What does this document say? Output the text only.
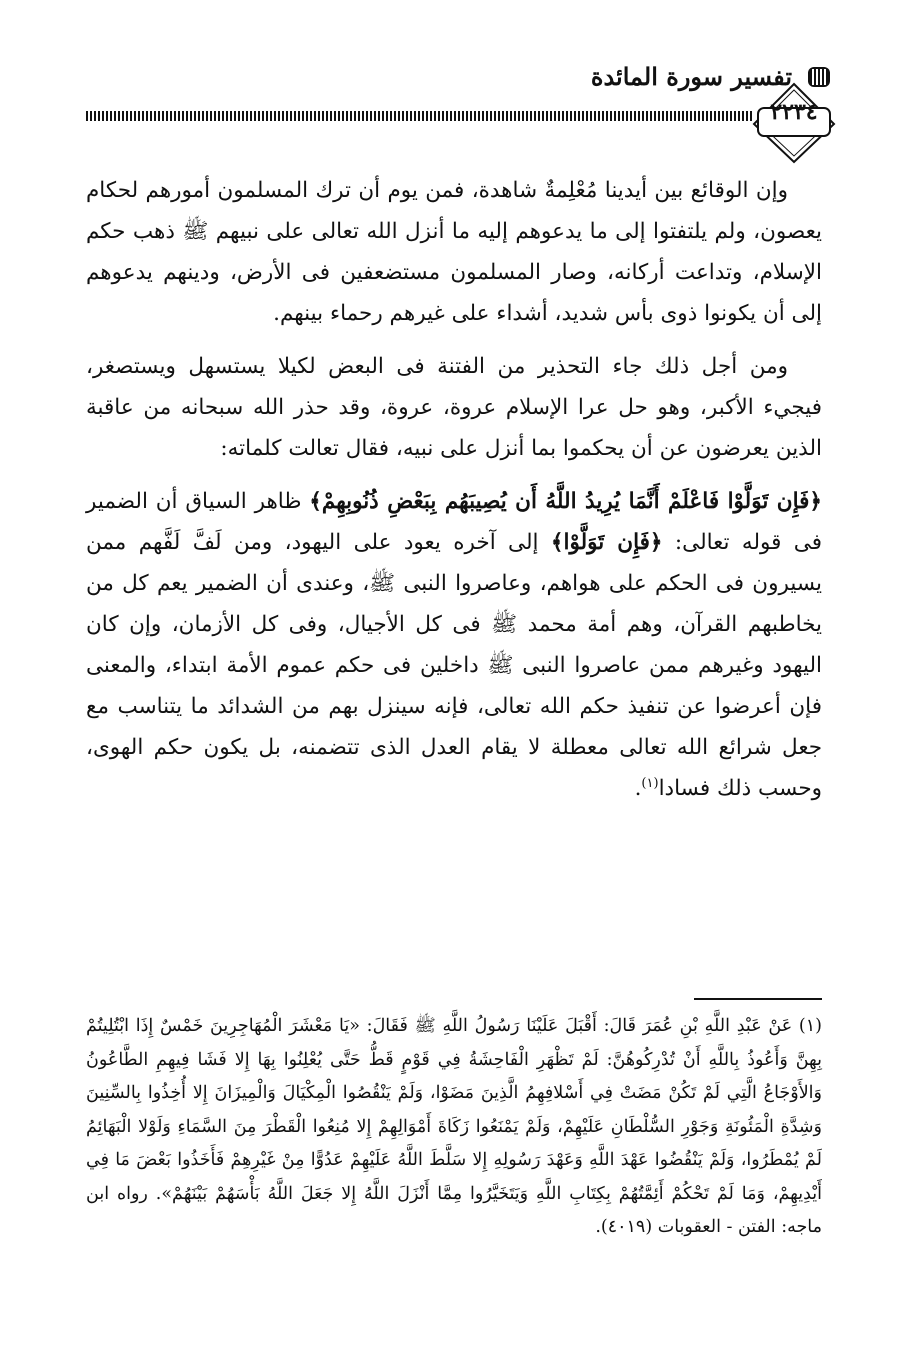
تفسير سورة المائدة
٢٢٣٤

وإن الوقائع بين أيدينا مُعْلِمةٌ شاهدة، فمن يوم أن ترك المسلمون أمورهم لحكام يعصون، ولم يلتفتوا إلى ما يدعوهم إليه ما أنزل الله تعالى على نبيهم ﷺ ذهب حكم الإسلام، وتداعت أركانه، وصار المسلمون مستضعفين فى الأرض، ودينهم يدعوهم إلى أن يكونوا ذوى بأس شديد، أشداء على غيرهم رحماء بينهم.

ومن أجل ذلك جاء التحذير من الفتنة فى البعض لكيلا يستسهل ويستصغر، فيجيء الأكبر، وهو حل عرا الإسلام عروة، عروة، وقد حذر الله سبحانه من عاقبة الذين يعرضون عن أن يحكموا بما أنزل على نبيه، فقال تعالت كلماته:

﴿فَإِن تَوَلَّوْا فَاعْلَمْ أَنَّمَا يُرِيدُ اللَّهُ أَن يُصِيبَهُم بِبَعْضِ ذُنُوبِهِمْ﴾ ظاهر السياق أن الضمير فى قوله تعالى: ﴿فَإِن تَوَلَّوْا﴾ إلى آخره يعود على اليهود، ومن لَفَّ لَفَّهم ممن يسيرون فى الحكم على هواهم، وعاصروا النبى ﷺ، وعندى أن الضمير يعم كل من يخاطبهم القرآن، وهم أمة محمد ﷺ فى كل الأجيال، وفى كل الأزمان، وإن كان اليهود وغيرهم ممن عاصروا النبى ﷺ داخلين فى حكم عموم الأمة ابتداء، والمعنى فإن أعرضوا عن تنفيذ حكم الله تعالى، فإنه سينزل بهم من الشدائد ما يتناسب مع جعل شرائع الله تعالى معطلة لا يقام العدل الذى تتضمنه، بل يكون حكم الهوى، وحسب ذلك فسادا$^{(١)}$.

(١) عَنْ عَبْدِ اللَّهِ بْنِ عُمَرَ قَالَ: أَقْبَلَ عَلَيْنَا رَسُولُ اللَّهِ ﷺ فَقَالَ: «يَا مَعْشَرَ الْمُهَاجِرِينَ خَمْسٌ إِذَا ابْتُلِيتُمْ بِهِنَّ وَأَعُوذُ بِاللَّهِ أَنْ تُدْرِكُوهُنَّ: لَمْ تَظْهَرِ الْفَاحِشَةُ فِي قَوْمٍ قَطُّ حَتَّى يُعْلِنُوا بِهَا إِلا فَشَا فِيهِمِ الطَّاعُونُ وَالأَوْجَاعُ الَّتِي لَمْ تَكُنْ مَضَتْ فِي أَسْلافِهِمُ الَّذِينَ مَضَوْا، وَلَمْ يَنْقُصُوا الْمِكْيَالَ وَالْمِيزَانَ إِلا أُخِذُوا بِالسِّنِينَ وَشِدَّةِ الْمَئُونَةِ وَجَوْرِ السُّلْطَانِ عَلَيْهِمْ، وَلَمْ يَمْنَعُوا زَكَاةَ أَمْوَالِهِمْ إِلا مُنِعُوا الْقَطْرَ مِنَ السَّمَاءِ وَلَوْلا الْبَهَائِمُ لَمْ يُمْطَرُوا، وَلَمْ يَنْقُضُوا عَهْدَ اللَّهِ وَعَهْدَ رَسُولِهِ إِلا سَلَّطَ اللَّهُ عَلَيْهِمْ عَدُوًّا مِنْ غَيْرِهِمْ فَأَخَذُوا بَعْضَ مَا فِي أَيْدِيهِمْ، وَمَا لَمْ تَحْكُمْ أَئِمَّتُهُمْ بِكِتَابِ اللَّهِ وَيَتَخَيَّرُوا مِمَّا أَنْزَلَ اللَّهُ إِلا جَعَلَ اللَّهُ بَأْسَهُمْ بَيْنَهُمْ». رواه ابن ماجه: الفتن - العقوبات (٤٠١٩).
